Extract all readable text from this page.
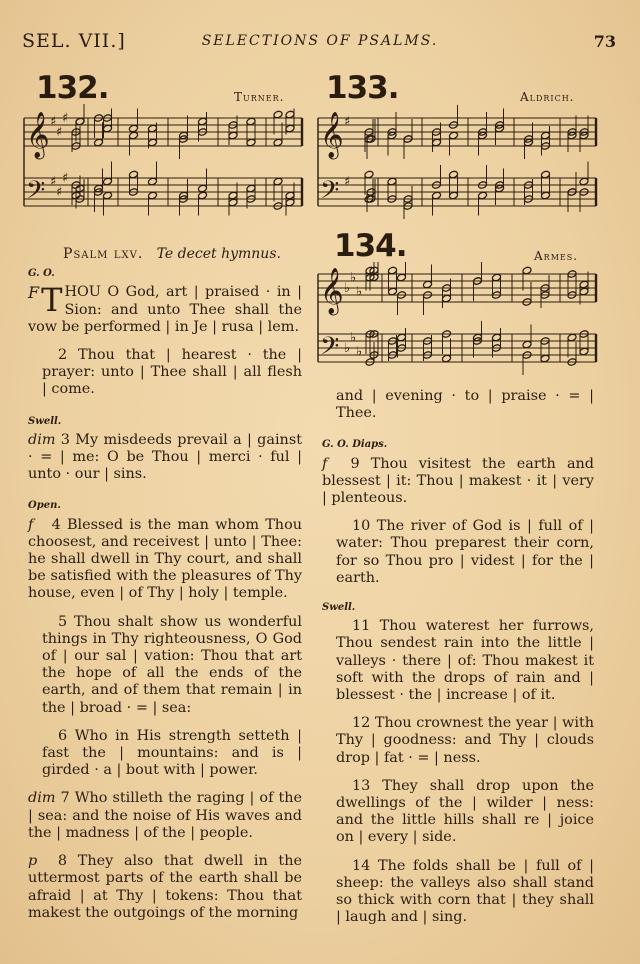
SEL. VII.]	SELECTIONS OF PSALMS.	73
132.	Turner.
𝄞 ♯
♯
♯
𝄢 ♯
♯
♯
133.	Aldrich.
𝄞 ♯
𝄢 ♯
134.	Armes.
𝄞 ♭
♭
♭
𝄢 ♭
♭
♭

Psalm lxv. Te decet hymnus.

G. O.

F T HOU O God, art | praised · in | Sion: and unto Thee shall the vow be performed | in Je | rusa | lem.

2 Thou that | hearest · the | prayer: unto | Thee shall | all flesh | come.

Swell.

dim 3 My misdeeds prevail a | gainst · = | me: O be Thou | merci · ful | unto · our | sins.

Open.

f 4 Blessed is the man whom Thou choosest, and receivest | unto | Thee: he shall dwell in Thy court, and shall be satisfied with the pleasures of Thy house, even | of Thy | holy | temple.

5 Thou shalt show us wonderful things in Thy righteousness, O God of | our sal | vation: Thou that art the hope of all the ends of the earth, and of them that remain | in the | broad · = | sea:

6 Who in His strength setteth | fast the | mountains: and is | girded · a | bout with | power.

dim 7 Who stilleth the raging | of the | sea: and the noise of His waves and the | madness | of the | people.

p 8 They also that dwell in the uttermost parts of the earth shall be afraid | at Thy | tokens: Thou that makest the outgoings of the morning

and | evening · to | praise · = | Thee.

G. O. Diaps.

f 9 Thou visitest the earth and blessest | it: Thou | makest · it | very | plenteous.

10 The river of God is | full of | water: Thou preparest their corn, for so Thou pro | videst | for the | earth.

Swell.

11 Thou waterest her furrows, Thou sendest rain into the little | valleys · there | of: Thou makest it soft with the drops of rain and | blessest · the | increase | of it.

12 Thou crownest the year | with Thy | goodness: and Thy | clouds drop | fat · = | ness.

13 They shall drop upon the dwellings of the | wilder | ness: and the little hills shall re | joice on | every | side.

14 The folds shall be | full of | sheep: the valleys also shall stand so thick with corn that | they shall | laugh and | sing.
